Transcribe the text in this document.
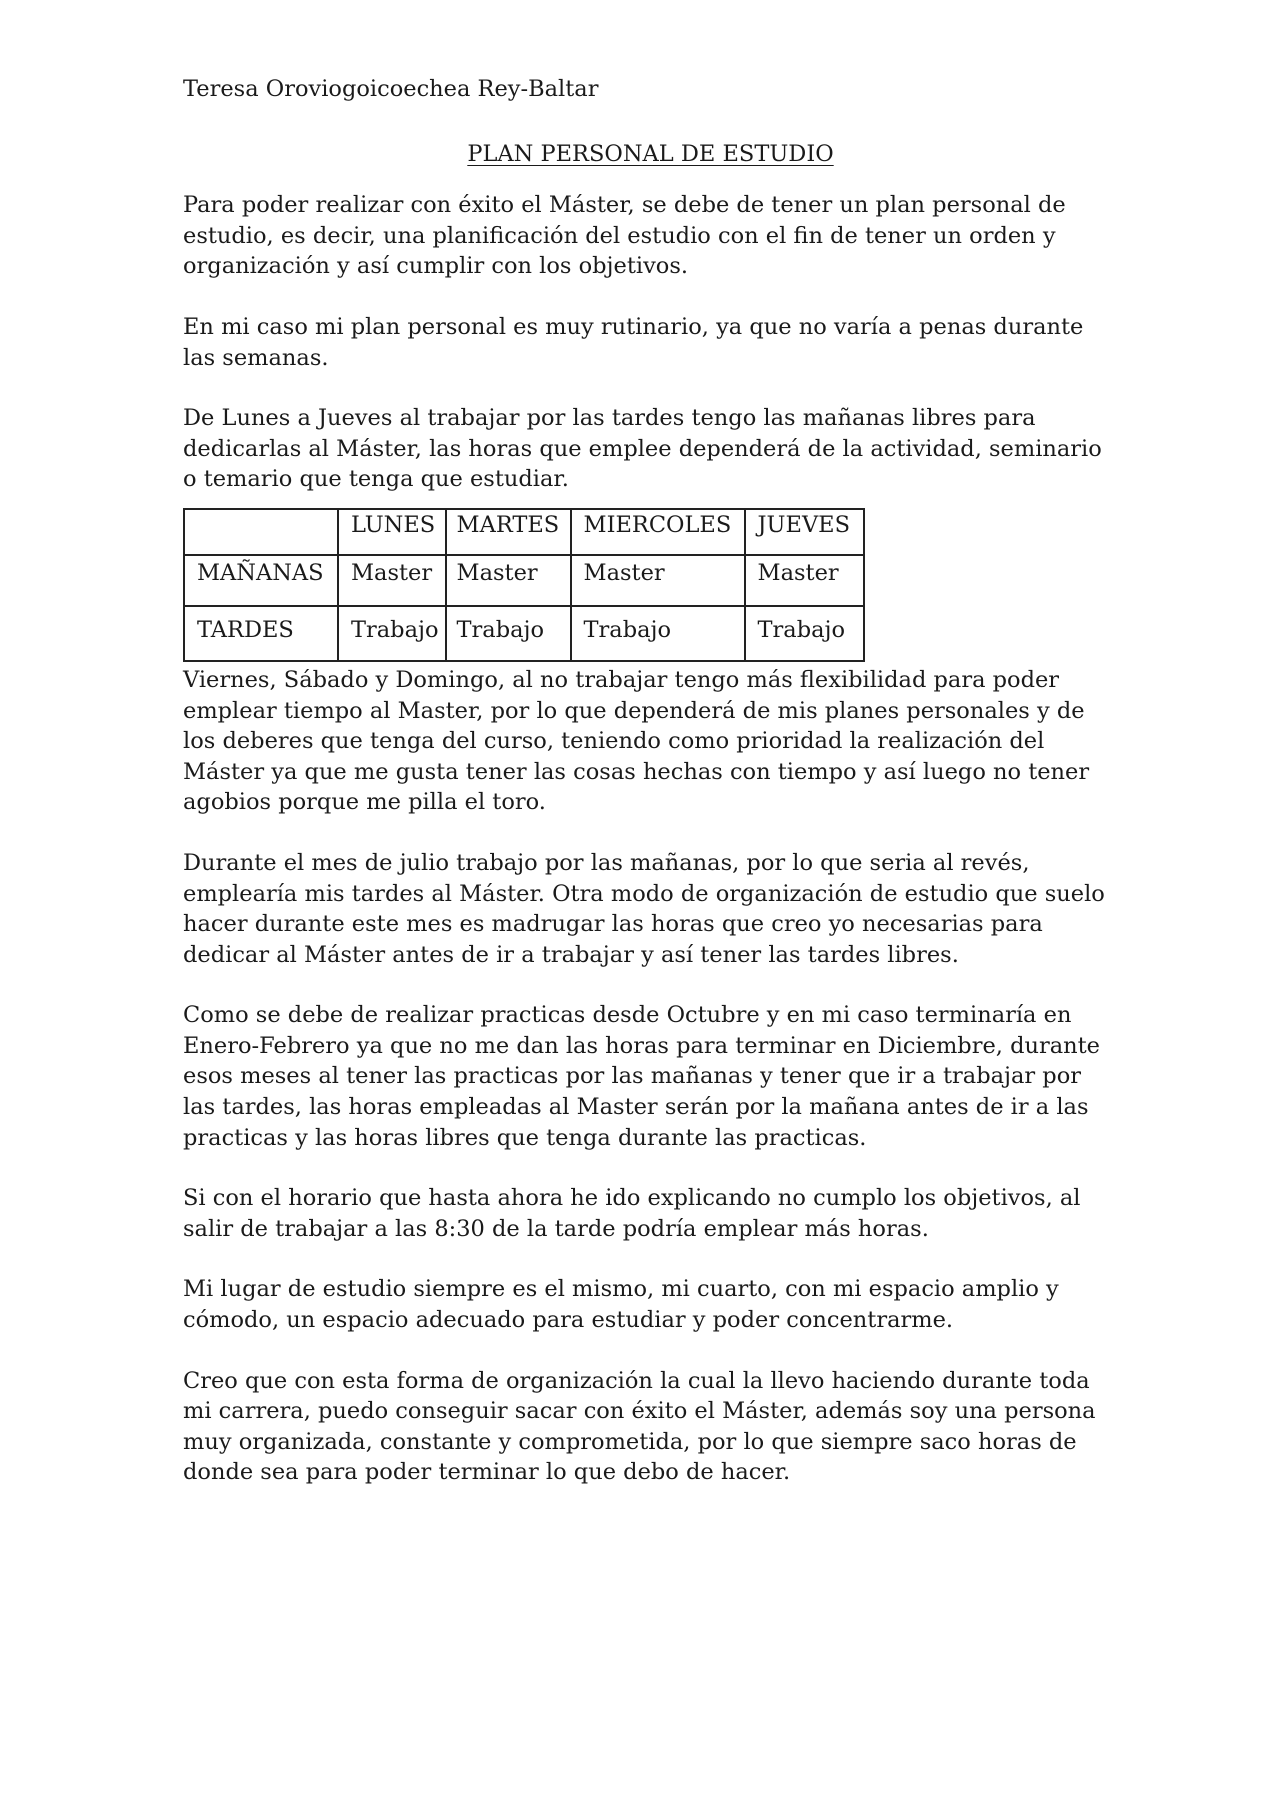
Teresa Oroviogoicoechea Rey-Baltar

PLAN PERSONAL DE ESTUDIO

Para poder realizar con éxito el Máster, se debe de tener un plan personal de estudio, es decir, una planificación del estudio con el fin de tener un orden y organización y así cumplir con los objetivos.

En mi caso mi plan personal es muy rutinario, ya que no varía a penas durante las semanas.

De Lunes a Jueves al trabajar por las tardes tengo las mañanas libres para dedicarlas al Máster, las horas que emplee dependerá de la actividad, seminario o temario que tenga que estudiar.

	LUNES	MARTES	MIERCOLES	JUEVES
MAÑANAS	Master	Master	Master	Master
TARDES	Trabajo	Trabajo	Trabajo	Trabajo

Viernes, Sábado y Domingo, al no trabajar tengo más flexibilidad para poder emplear tiempo al Master, por lo que dependerá de mis planes personales y de los deberes que tenga del curso, teniendo como prioridad la realización del Máster ya que me gusta tener las cosas hechas con tiempo y así luego no tener agobios porque me pilla el toro.

Durante el mes de julio trabajo por las mañanas, por lo que seria al revés, emplearía mis tardes al Máster. Otra modo de organización de estudio que suelo hacer durante este mes es madrugar las horas que creo yo necesarias para dedicar al Máster antes de ir a trabajar y así tener las tardes libres.

Como se debe de realizar practicas desde Octubre y en mi caso terminaría en Enero-Febrero ya que no me dan las horas para terminar en Diciembre, durante esos meses al tener las practicas por las mañanas y tener que ir a trabajar por las tardes, las horas empleadas al Master serán por la mañana antes de ir a las practicas y las horas libres que tenga durante las practicas.

Si con el horario que hasta ahora he ido explicando no cumplo los objetivos, al salir de trabajar a las 8:30 de la tarde podría emplear más horas.

Mi lugar de estudio siempre es el mismo, mi cuarto, con mi espacio amplio y cómodo, un espacio adecuado para estudiar y poder concentrarme.

Creo que con esta forma de organización la cual la llevo haciendo durante toda mi carrera, puedo conseguir sacar con éxito el Máster, además soy una persona muy organizada, constante y comprometida, por lo que siempre saco horas de donde sea para poder terminar lo que debo de hacer.
